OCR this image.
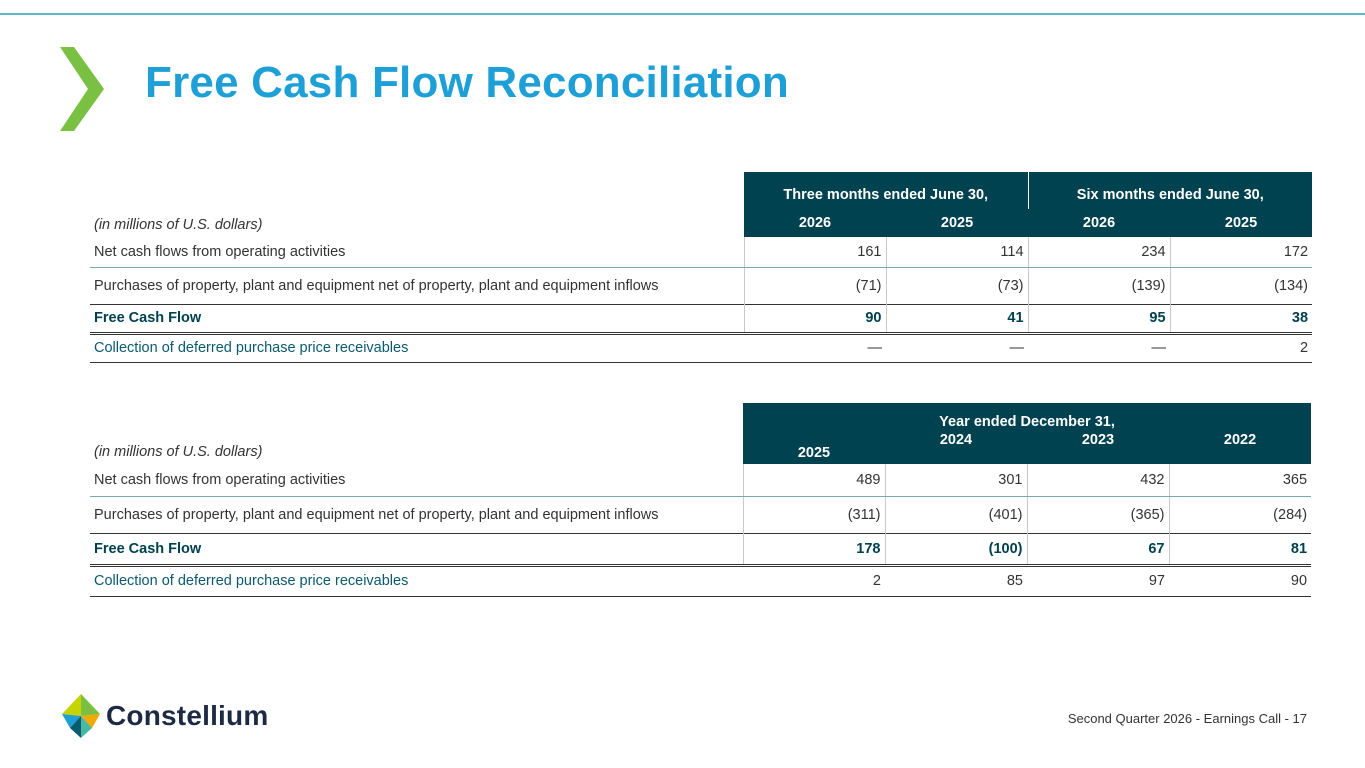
Free Cash Flow Reconciliation
(in millions of U.S. dollars)	Three months ended June 30,		Six months ended June 30,	
	2026	2025	2026	2025
Net cash flows from operating activities	161	114	234	172
Purchases of property, plant and equipment net of property, plant and equipment inflows	(71)	(73)	(139)	(134)
Free Cash Flow	90	41	95	38
Collection of deferred purchase price receivables	—	—	—	2
(in millions of U.S. dollars)	Year ended December 31,			
	2025	2024	2023	2022
Net cash flows from operating activities	489	301	432	365
Purchases of property, plant and equipment net of property, plant and equipment inflows	(311)	(401)	(365)	(284)
Free Cash Flow	178	(100)	67	81
Collection of deferred purchase price receivables	2	85	97	90
Constellium	Second Quarter 2026 - Earnings Call - 17
